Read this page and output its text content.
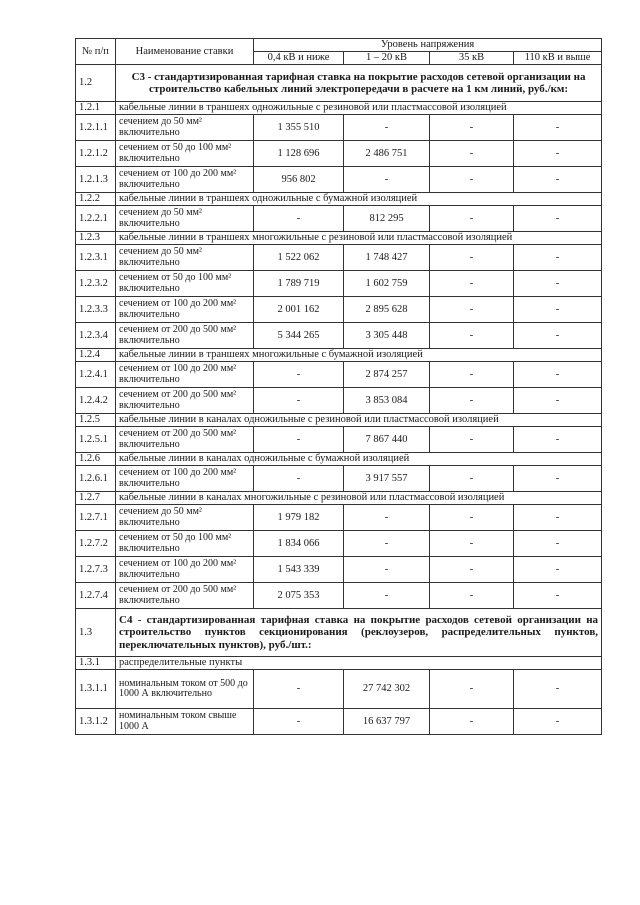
№ п/п	Наименование ставки	Уровень напряжения			
		0,4 кВ и ниже	1 – 20 кВ	35 кВ	110 кВ и выше
1.2	С3 - стандартизированная тарифная ставка на покрытие расходов сетевой организации на строительство кабельных линий электропередачи в расчете на 1 км линий, руб./км:				
1.2.1	кабельные линии в траншеях одножильные с резиновой или пластмассовой изоляцией				
1.2.1.1	сечением до 50 мм² включительно	1 355 510	-	-	-
1.2.1.2	сечением от 50 до 100 мм² включительно	1 128 696	2 486 751	-	-
1.2.1.3	сечением от 100 до 200 мм² включительно	956 802	-	-	-
1.2.2	кабельные линии в траншеях одножильные с бумажной изоляцией				
1.2.2.1	сечением до 50 мм² включительно	-	812 295	-	-
1.2.3	кабельные линии в траншеях многожильные с резиновой или пластмассовой изоляцией				
1.2.3.1	сечением до 50 мм² включительно	1 522 062	1 748 427	-	-
1.2.3.2	сечением от 50 до 100 мм² включительно	1 789 719	1 602 759	-	-
1.2.3.3	сечением от 100 до 200 мм² включительно	2 001 162	2 895 628	-	-
1.2.3.4	сечением от 200 до 500 мм² включительно	5 344 265	3 305 448	-	-
1.2.4	кабельные линии в траншеях многожильные с бумажной изоляцией				
1.2.4.1	сечением от 100 до 200 мм² включительно	-	2 874 257	-	-
1.2.4.2	сечением от 200 до 500 мм² включительно	-	3 853 084	-	-
1.2.5	кабельные линии в каналах одножильные с резиновой или пластмассовой изоляцией				
1.2.5.1	сечением от 200 до 500 мм² включительно	-	7 867 440	-	-
1.2.6	кабельные линии в каналах одножильные с бумажной изоляцией				
1.2.6.1	сечением от 100 до 200 мм² включительно	-	3 917 557	-	-
1.2.7	кабельные линии в каналах многожильные с резиновой или пластмассовой изоляцией				
1.2.7.1	сечением до 50 мм² включительно	1 979 182	-	-	-
1.2.7.2	сечением от 50 до 100 мм² включительно	1 834 066	-	-	-
1.2.7.3	сечением от 100 до 200 мм² включительно	1 543 339	-	-	-
1.2.7.4	сечением от 200 до 500 мм² включительно	2 075 353	-	-	-
1.3	С4 - стандартизированная тарифная ставка на покрытие расходов сетевой организации на строительство пунктов секционирования (реклоузеров, распределительных пунктов, переключательных пунктов), руб./шт.:				
1.3.1	распределительные пункты				
1.3.1.1	номинальным током от 500 до 1000 А включительно	-	27 742 302	-	-
1.3.1.2	номинальным током свыше 1000 А	-	16 637 797	-	-
